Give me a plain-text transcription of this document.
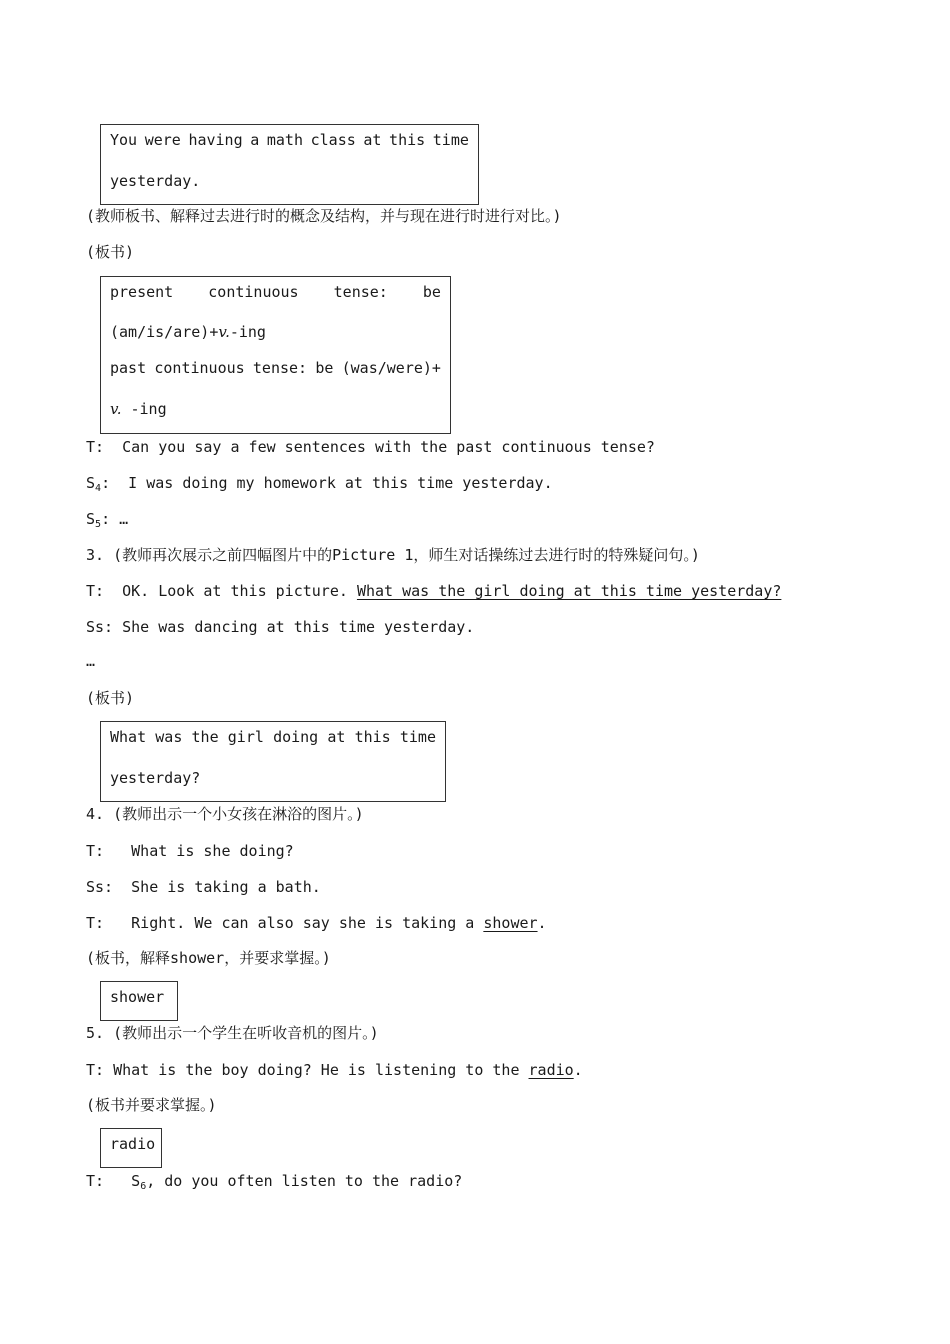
You were having a math class at this time
yesterday.
(教师板书、解释过去进行时的概念及结构，并与现在进行时进行对比。)
(板书)
present continuous tense: be
(am/is/are)+v.-ing
past continuous tense: be (was/were)+
v. -ing
T:  Can you say a few sentences with the past continuous tense?
$S_4$:  I was doing my homework at this time yesterday.
$S_5$: …
3. (教师再次展示之前四幅图片中的Picture 1，师生对话操练过去进行时的特殊疑问句。)
T:  OK. Look at this picture. What was the girl doing at this time yesterday?
Ss: She was dancing at this time yesterday.
…
(板书)
What was the girl doing at this time
yesterday?
4. (教师出示一个小女孩在淋浴的图片。)
T:   What is she doing?
Ss:  She is taking a bath.
T:   Right. We can also say she is taking a shower.
(板书，解释shower，并要求掌握。)
shower
5. (教师出示一个学生在听收音机的图片。)
T: What is the boy doing? He is listening to the radio.
(板书并要求掌握。)
radio
T:   $S_6$, do you often listen to the radio?
